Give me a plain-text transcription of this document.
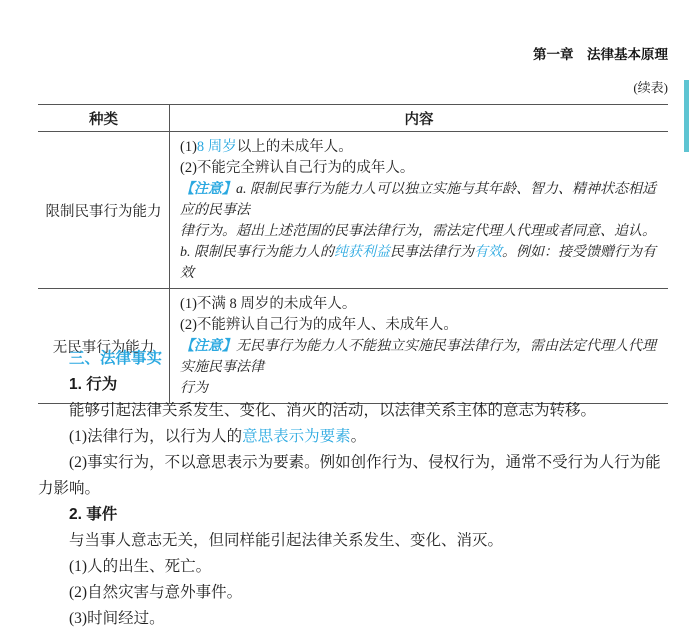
第一章　法律基本原理
(续表)
种类	内容
限制民事行为能力
(1)8 周岁以上的未成年人。
(2)不能完全辨认自己行为的成年人。
【注意】a. 限制民事行为能力人可以独立实施与其年龄、智力、精神状态相适应的民事法
律行为。超出上述范围的民事法律行为，需法定代理人代理或者同意、追认。
b. 限制民事行为能力人的纯获利益民事法律行为有效。例如：接受馈赠行为有效
无民事行为能力
(1)不满 8 周岁的未成年人。
(2)不能辨认自己行为的成年人、未成年人。
【注意】无民事行为能力人不能独立实施民事法律行为，需由法定代理人代理实施民事法律
行为
三、法律事实
1. 行为
能够引起法律关系发生、变化、消灭的活动，以法律关系主体的意志为转移。
(1)法律行为，以行为人的意思表示为要素。
(2)事实行为，不以意思表示为要素。例如创作行为、侵权行为，通常不受行为人行为能
力影响。
2. 事件
与当事人意志无关，但同样能引起法律关系发生、变化、消灭。
(1)人的出生、死亡。
(2)自然灾害与意外事件。
(3)时间经过。
